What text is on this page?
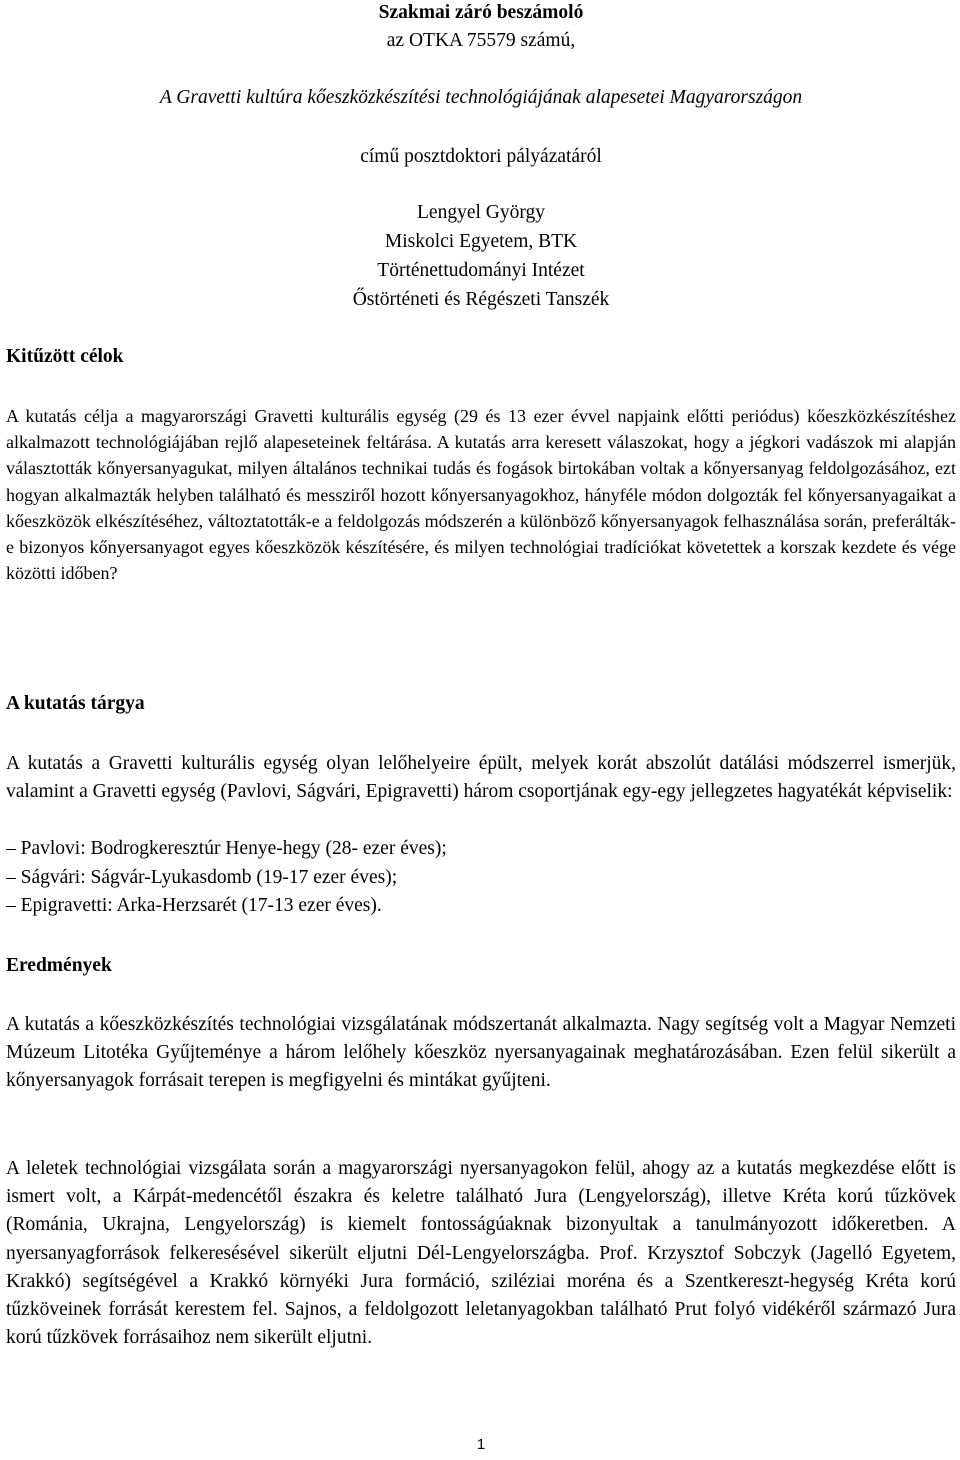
Szakmai záró beszámoló
az OTKA 75579 számú,
A Gravetti kultúra kőeszközkészítési technológiájának alapesetei Magyarországon
című posztdoktori pályázatáról
Lengyel György
Miskolci Egyetem, BTK
Történettudományi Intézet
Őstörténeti és Régészeti Tanszék
Kitűzött célok
A kutatás célja a magyarországi Gravetti kulturális egység (29 és 13 ezer évvel napjaink előtti periódus) kőeszközkészítéshez alkalmazott technológiájában rejlő alapeseteinek feltárása. A kutatás arra keresett válaszokat, hogy a jégkori vadászok mi alapján választották kőnyersanyagukat, milyen általános technikai tudás és fogások birtokában voltak a kőnyersanyag feldolgozásához, ezt hogyan alkalmazták helyben található és messziről hozott kőnyersanyagokhoz, hányféle módon dolgozták fel kőnyersanyagaikat a kőeszközök elkészítéséhez, változtatották-e a feldolgozás módszerén a különböző kőnyersanyagok felhasználása során, preferálták-e bizonyos kőnyersanyagot egyes kőeszközök készítésére, és milyen technológiai tradíciókat követettek a korszak kezdete és vége közötti időben?
A kutatás tárgya
A kutatás a Gravetti kulturális egység olyan lelőhelyeire épült, melyek korát abszolút datálási módszerrel ismerjük, valamint a Gravetti egység (Pavlovi, Ságvári, Epigravetti) három csoportjának egy-egy jellegzetes hagyatékát képviselik:
– Pavlovi: Bodrogkeresztúr Henye-hegy (28- ezer éves);
– Ságvári: Ságvár-Lyukasdomb (19-17 ezer éves);
– Epigravetti: Arka-Herzsarét (17-13 ezer éves).
Eredmények
A kutatás a kőeszközkészítés technológiai vizsgálatának módszertanát alkalmazta. Nagy segítség volt a Magyar Nemzeti Múzeum Litotéka Gyűjteménye a három lelőhely kőeszköz nyersanyagainak meghatározásában. Ezen felül sikerült a kőnyersanyagok forrásait terepen is megfigyelni és mintákat gyűjteni.
A leletek technológiai vizsgálata során a magyarországi nyersanyagokon felül, ahogy az a kutatás megkezdése előtt is ismert volt, a Kárpát-medencétől északra és keletre található Jura (Lengyelország), illetve Kréta korú tűzkövek (Románia, Ukrajna, Lengyelország) is kiemelt fontosságúaknak bizonyultak a tanulmányozott időkeretben. A nyersanyagforrások felkeresésével sikerült eljutni Dél-Lengyelországba. Prof. Krzysztof Sobczyk (Jagelló Egyetem, Krakkó) segítségével a Krakkó környéki Jura formáció, sziléziai moréna és a Szentkereszt-hegység Kréta korú tűzköveinek forrását kerestem fel. Sajnos, a feldolgozott leletanyagokban található Prut folyó vidékéről származó Jura korú tűzkövek forrásaihoz nem sikerült eljutni.
1
